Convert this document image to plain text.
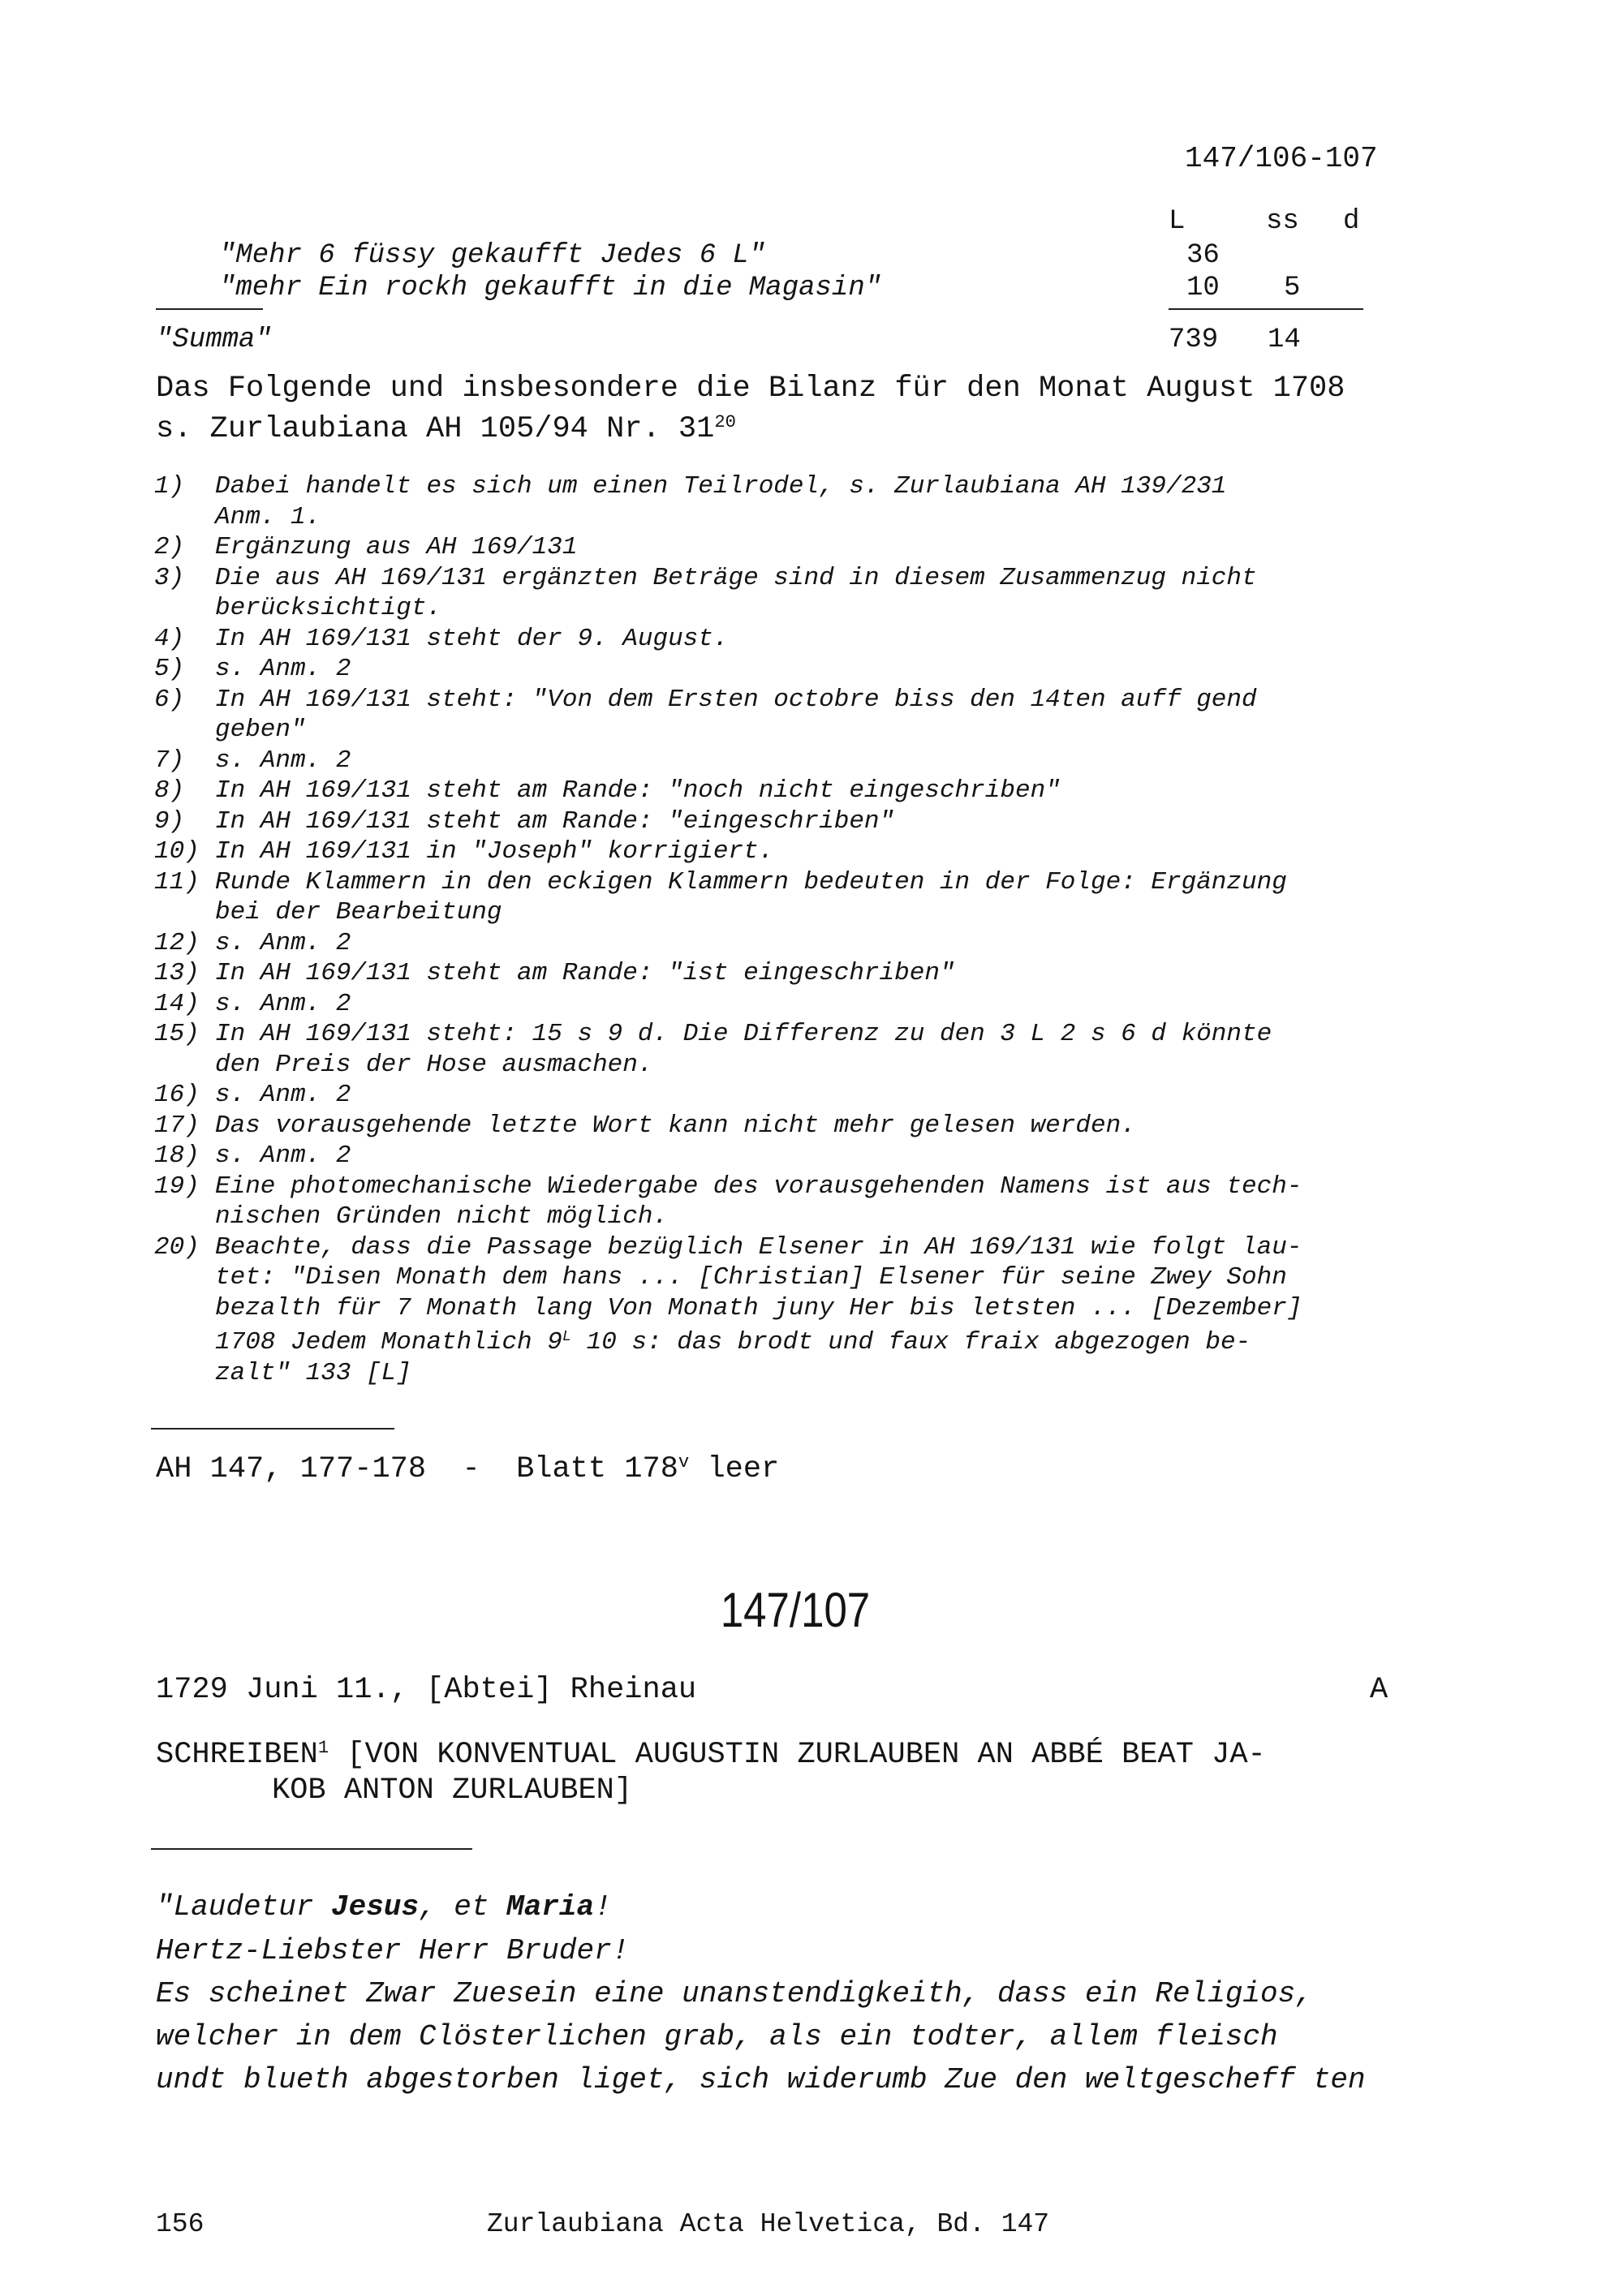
147/106-107
L	ss d
"Mehr 6 füssy gekaufft Jedes 6 L"	36
"mehr Ein rockh gekaufft in die Magasin"	10 5
"Summa"	739 14
Das Folgende und insbesondere die Bilanz für den Monat August 1708
s. Zurlaubiana AH 105/94 Nr. $31^{20}$
1) Dabei handelt es sich um einen Teilrodel, s. Zurlaubiana AH 139/231
Anm. 1.
2) Ergänzung aus AH 169/131
3) Die aus AH 169/131 ergänzten Beträge sind in diesem Zusammenzug nicht
berücksichtigt.
4) In AH 169/131 steht der 9. August.
5) s. Anm. 2
6) In AH 169/131 steht: "Von dem Ersten octobre biss den 14ten auff gend
geben"
7) s. Anm. 2
8) In AH 169/131 steht am Rande: "noch nicht eingeschriben"
9) In AH 169/131 steht am Rande: "eingeschriben"
10) In AH 169/131 in "Joseph" korrigiert.
11) Runde Klammern in den eckigen Klammern bedeuten in der Folge: Ergänzung
bei der Bearbeitung
12) s. Anm. 2
13) In AH 169/131 steht am Rande: "ist eingeschriben"
14) s. Anm. 2
15) In AH 169/131 steht: 15 s 9 d. Die Differenz zu den 3 L 2 s 6 d könnte
den Preis der Hose ausmachen.
16) s. Anm. 2
17) Das vorausgehende letzte Wort kann nicht mehr gelesen werden.
18) s. Anm. 2
19) Eine photomechanische Wiedergabe des vorausgehenden Namens ist aus tech-
nischen Gründen nicht möglich.
20) Beachte, dass die Passage bezüglich Elsener in AH 169/131 wie folgt lau-
tet: "Disen Monath dem hans ... [Christian] Elsener für seine Zwey Sohn
bezalth für 7 Monath lang Von Monath juny Her bis letsten ... [Dezember]
1708 Jedem Monathlich $9^L$ 10 s: das brodt und faux fraix abgezogen be-
zalt" 133 [L]
AH 147, 177-178  -  Blatt 178$^v$ leer
147/107
1729 Juni 11., [Abtei] Rheinau	A
SCHREIBEN$^1$ [VON KONVENTUAL AUGUSTIN ZURLAUBEN AN ABBÉ BEAT JA-
KOB ANTON ZURLAUBEN]
"Laudetur Jesus, et Maria!
Hertz-Liebster Herr Bruder!
Es scheinet Zwar Zuesein eine unanstendigkeith, dass ein Religios,
welcher in dem Clösterlichen grab, als ein todter, allem fleisch
undt blueth abgestorben liget, sich widerumb Zue den weltgescheff ten
156	Zurlaubiana Acta Helvetica, Bd. 147
